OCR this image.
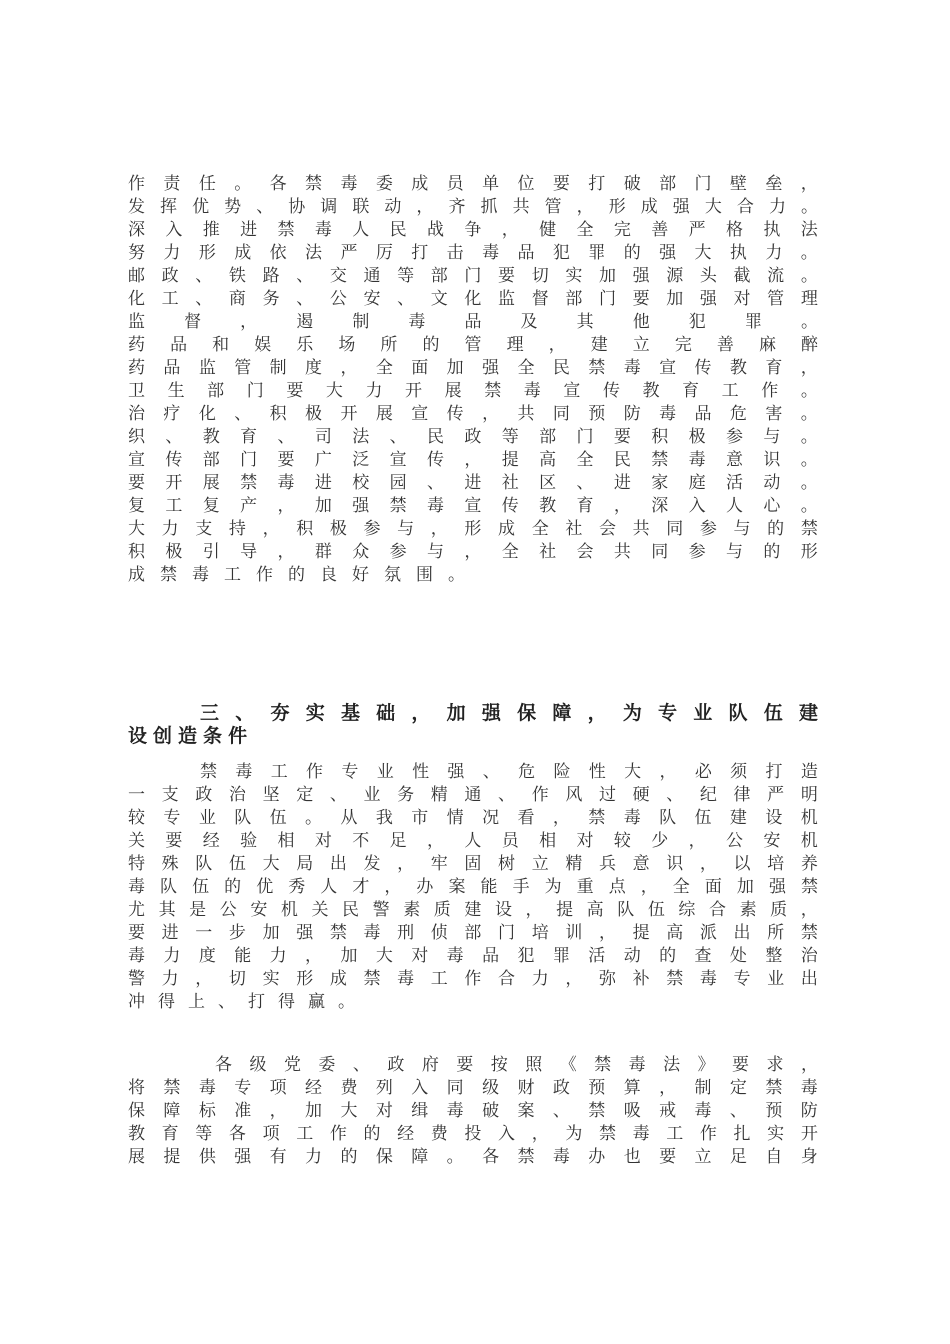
作 责 任 。 各 禁 毒 委 成 员 单 位 要 打 破 部 门 壁 垒 ，
发 挥 优 势 、 协 调 联 动 ， 齐 抓 共 管 ， 形 成 强 大 合 力 。
深 入 推 进 禁 毒 人 民 战 争 ， 健 全 完 善 严 格 执 法
努 力 形 成 依 法 严 厉 打 击 毒 品 犯 罪 的 强 大 执 力 。
邮 政 、 铁 路 、 交 通 等 部 门 要 切 实 加 强 源 头 截 流 。
化 工 、 商 务 、 公 安 、 文 化 监 督 部 门 要 加 强 对 管 理
监 督 ， 遏 制 毒 品 及 其 他 犯 罪 。
药 品 和 娱 乐 场 所 的 管 理 ， 建 立 完 善 麻 醉
药 品 监 管 制 度 ， 全 面 加 强 全 民 禁 毒 宣 传 教 育 ，
卫 生 部 门 要 大 力 开 展 禁 毒 宣 传 教 育 工 作 。
治 疗 化 、 积 极 开 展 宣 传 ， 共 同 预 防 毒 品 危 害 。
织 、 教 育 、 司 法 、 民 政 等 部 门 要 积 极 参 与 。
宣 传 部 门 要 广 泛 宣 传 ， 提 高 全 民 禁 毒 意 识 。
要 开 展 禁 毒 进 校 园 、 进 社 区 、 进 家 庭 活 动 。
复 工 复 产 ， 加 强 禁 毒 宣 传 教 育 ， 深 入 人 心 。
大 力 支 持 ， 积 极 参 与 ， 形 成 全 社 会 共 同 参 与 的 禁
积 极 引 导 ， 群 众 参 与 ， 全 社 会 共 同 参 与 的 形
成 禁 毒 工 作 的 良 好 氛 围 。
三 、 夯 实 基 础 ， 加 强 保 障 ， 为 专 业 队 伍 建
设 创 造 条 件
禁 毒 工 作 专 业 性 强 、 危 险 性 大 ， 必 须 打 造
一 支 政 治 坚 定 、 业 务 精 通 、 作 风 过 硬 、 纪 律 严 明
较 专 业 队 伍 。 从 我 市 情 况 看 ， 禁 毒 队 伍 建 设 机
关 要 经 验 相 对 不 足 ， 人 员 相 对 较 少 ， 公 安 机
特 殊 队 伍 大 局 出 发 ， 牢 固 树 立 精 兵 意 识 ， 以 培 养
毒 队 伍 的 优 秀 人 才 ， 办 案 能 手 为 重 点 ， 全 面 加 强 禁
尤 其 是 公 安 机 关 民 警 素 质 建 设 ， 提 高 队 伍 综 合 素 质 ，
要 进 一 步 加 强 禁 毒 刑 侦 部 门 培 训 ， 提 高 派 出 所 禁
毒 力 度 能 力 ， 加 大 对 毒 品 犯 罪 活 动 的 查 处 整 治
警 力 ， 切 实 形 成 禁 毒 工 作 合 力 ， 弥 补 禁 毒 专 业 出
冲 得 上 、 打 得 赢 。
各 级 党 委 、 政 府 要 按 照 《 禁 毒 法 》 要 求 ，
将 禁 毒 专 项 经 费 列 入 同 级 财 政 预 算 ， 制 定 禁 毒
保 障 标 准 ， 加 大 对 缉 毒 破 案 、 禁 吸 戒 毒 、 预 防
教 育 等 各 项 工 作 的 经 费 投 入 ， 为 禁 毒 工 作 扎 实 开
展 提 供 强 有 力 的 保 障 。 各 禁 毒 办 也 要 立 足 自 身
